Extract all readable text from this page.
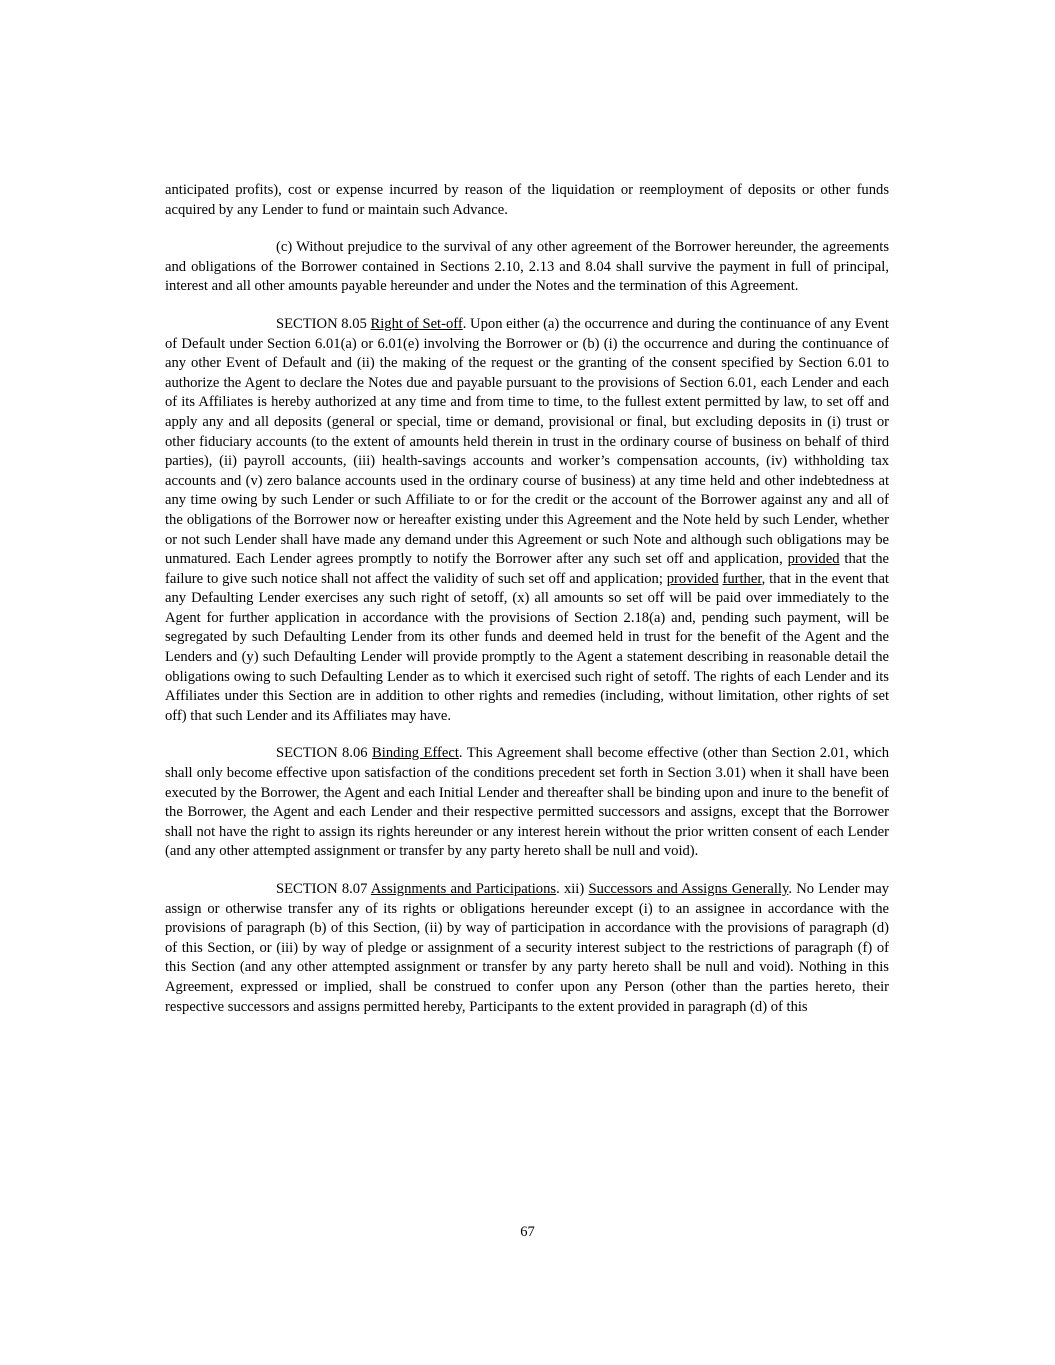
anticipated profits), cost or expense incurred by reason of the liquidation or reemployment of deposits or other funds acquired by any Lender to fund or maintain such Advance.

(c) Without prejudice to the survival of any other agreement of the Borrower hereunder, the agreements and obligations of the Borrower contained in Sections 2.10, 2.13 and 8.04 shall survive the payment in full of principal, interest and all other amounts payable hereunder and under the Notes and the termination of this Agreement.

SECTION 8.05 Right of Set-off. Upon either (a) the occurrence and during the continuance of any Event of Default under Section 6.01(a) or 6.01(e) involving the Borrower or (b) (i) the occurrence and during the continuance of any other Event of Default and (ii) the making of the request or the granting of the consent specified by Section 6.01 to authorize the Agent to declare the Notes due and payable pursuant to the provisions of Section 6.01, each Lender and each of its Affiliates is hereby authorized at any time and from time to time, to the fullest extent permitted by law, to set off and apply any and all deposits (general or special, time or demand, provisional or final, but excluding deposits in (i) trust or other fiduciary accounts (to the extent of amounts held therein in trust in the ordinary course of business on behalf of third parties), (ii) payroll accounts, (iii) health-savings accounts and worker’s compensation accounts, (iv) withholding tax accounts and (v) zero balance accounts used in the ordinary course of business) at any time held and other indebtedness at any time owing by such Lender or such Affiliate to or for the credit or the account of the Borrower against any and all of the obligations of the Borrower now or hereafter existing under this Agreement and the Note held by such Lender, whether or not such Lender shall have made any demand under this Agreement or such Note and although such obligations may be unmatured. Each Lender agrees promptly to notify the Borrower after any such set off and application, provided that the failure to give such notice shall not affect the validity of such set off and application; provided further, that in the event that any Defaulting Lender exercises any such right of setoff, (x) all amounts so set off will be paid over immediately to the Agent for further application in accordance with the provisions of Section 2.18(a) and, pending such payment, will be segregated by such Defaulting Lender from its other funds and deemed held in trust for the benefit of the Agent and the Lenders and (y) such Defaulting Lender will provide promptly to the Agent a statement describing in reasonable detail the obligations owing to such Defaulting Lender as to which it exercised such right of setoff. The rights of each Lender and its Affiliates under this Section are in addition to other rights and remedies (including, without limitation, other rights of set off) that such Lender and its Affiliates may have.

SECTION 8.06 Binding Effect. This Agreement shall become effective (other than Section 2.01, which shall only become effective upon satisfaction of the conditions precedent set forth in Section 3.01) when it shall have been executed by the Borrower, the Agent and each Initial Lender and thereafter shall be binding upon and inure to the benefit of the Borrower, the Agent and each Lender and their respective permitted successors and assigns, except that the Borrower shall not have the right to assign its rights hereunder or any interest herein without the prior written consent of each Lender (and any other attempted assignment or transfer by any party hereto shall be null and void).

SECTION 8.07 Assignments and Participations. xii) Successors and Assigns Generally. No Lender may assign or otherwise transfer any of its rights or obligations hereunder except (i) to an assignee in accordance with the provisions of paragraph (b) of this Section, (ii) by way of participation in accordance with the provisions of paragraph (d) of this Section, or (iii) by way of pledge or assignment of a security interest subject to the restrictions of paragraph (f) of this Section (and any other attempted assignment or transfer by any party hereto shall be null and void). Nothing in this Agreement, expressed or implied, shall be construed to confer upon any Person (other than the parties hereto, their respective successors and assigns permitted hereby, Participants to the extent provided in paragraph (d) of this

67
